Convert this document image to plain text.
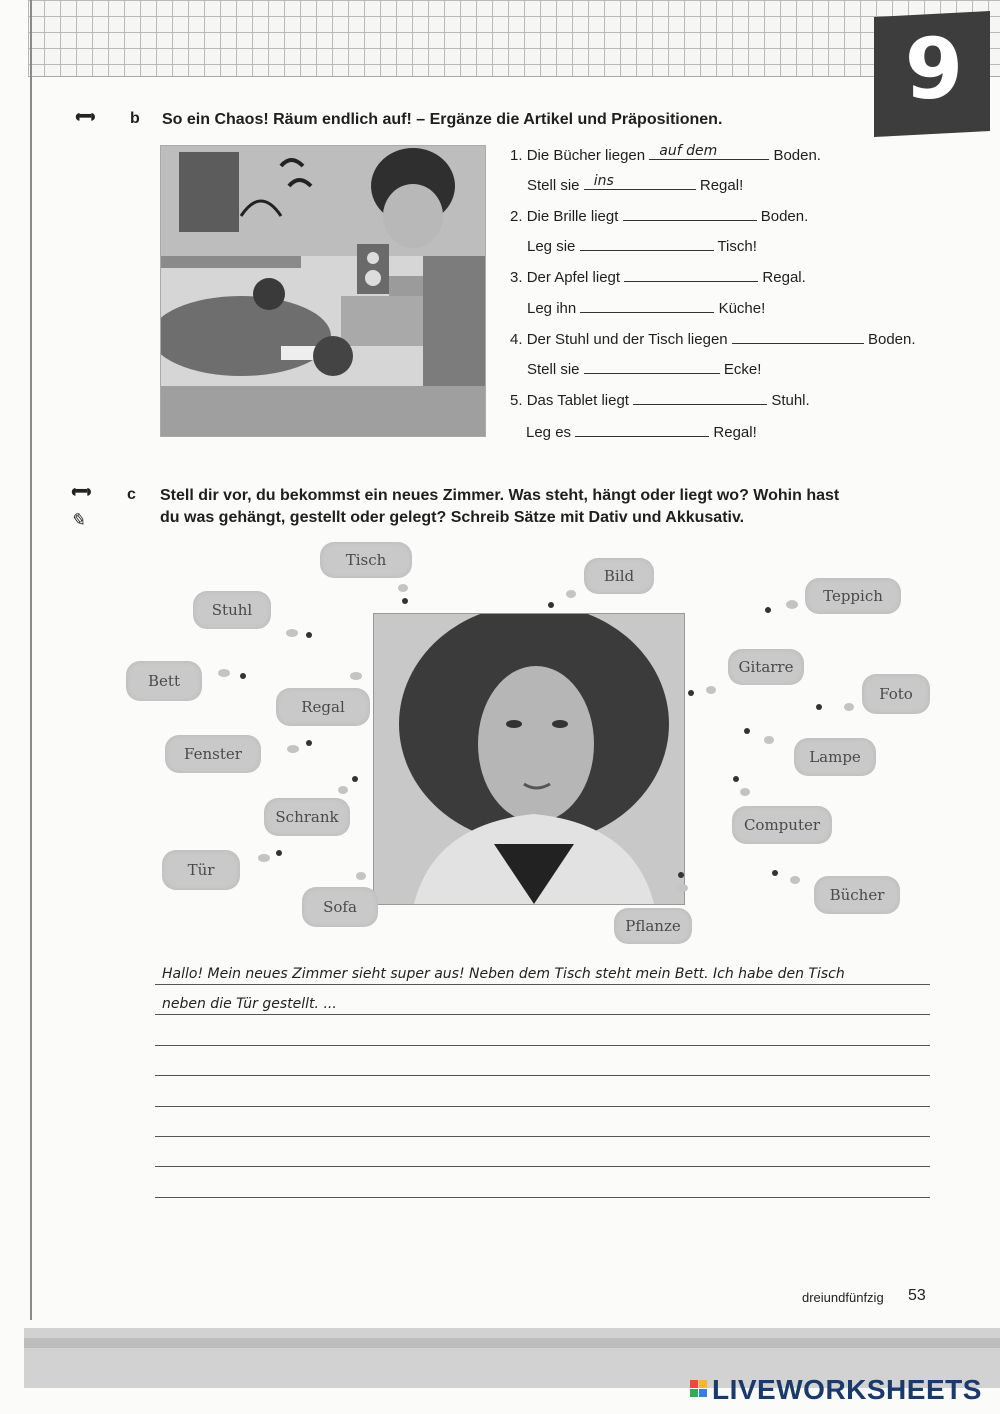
9
◖━◗ b So ein Chaos! Räum endlich auf! – Ergänze die Artikel und Präpositionen.
1. Die Bücher liegen auf dem	Boden.
Stell sie ins	Regal!
2. Die Brille liegt	Boden.
Leg sie	Tisch!
3. Der Apfel liegt	Regal.
Leg ihn	Küche!
4. Der Stuhl und der Tisch liegen	Boden.
Stell sie	Ecke!
5. Das Tablet liegt	Stuhl.
Leg es	Regal!
◖━◗
✎
c Stell dir vor, du bekommst ein neues Zimmer. Was steht, hängt oder liegt wo? Wohin hast
du was gehängt, gestellt oder gelegt? Schreib Sätze mit Dativ und Akkusativ.
Tisch
Bild
Stuhl
Teppich
Bett
Regal
Gitarre
Foto
Fenster	Lampe
Schrank	Computer
Tür
Sofa
Bücher
Pflanze
Hallo! Mein neues Zimmer sieht super aus! Neben dem Tisch steht mein Bett. Ich habe den Tisch
neben die Tür gestellt. ...
dreiundfünfzig 53
LIVEWORKSHEETS
